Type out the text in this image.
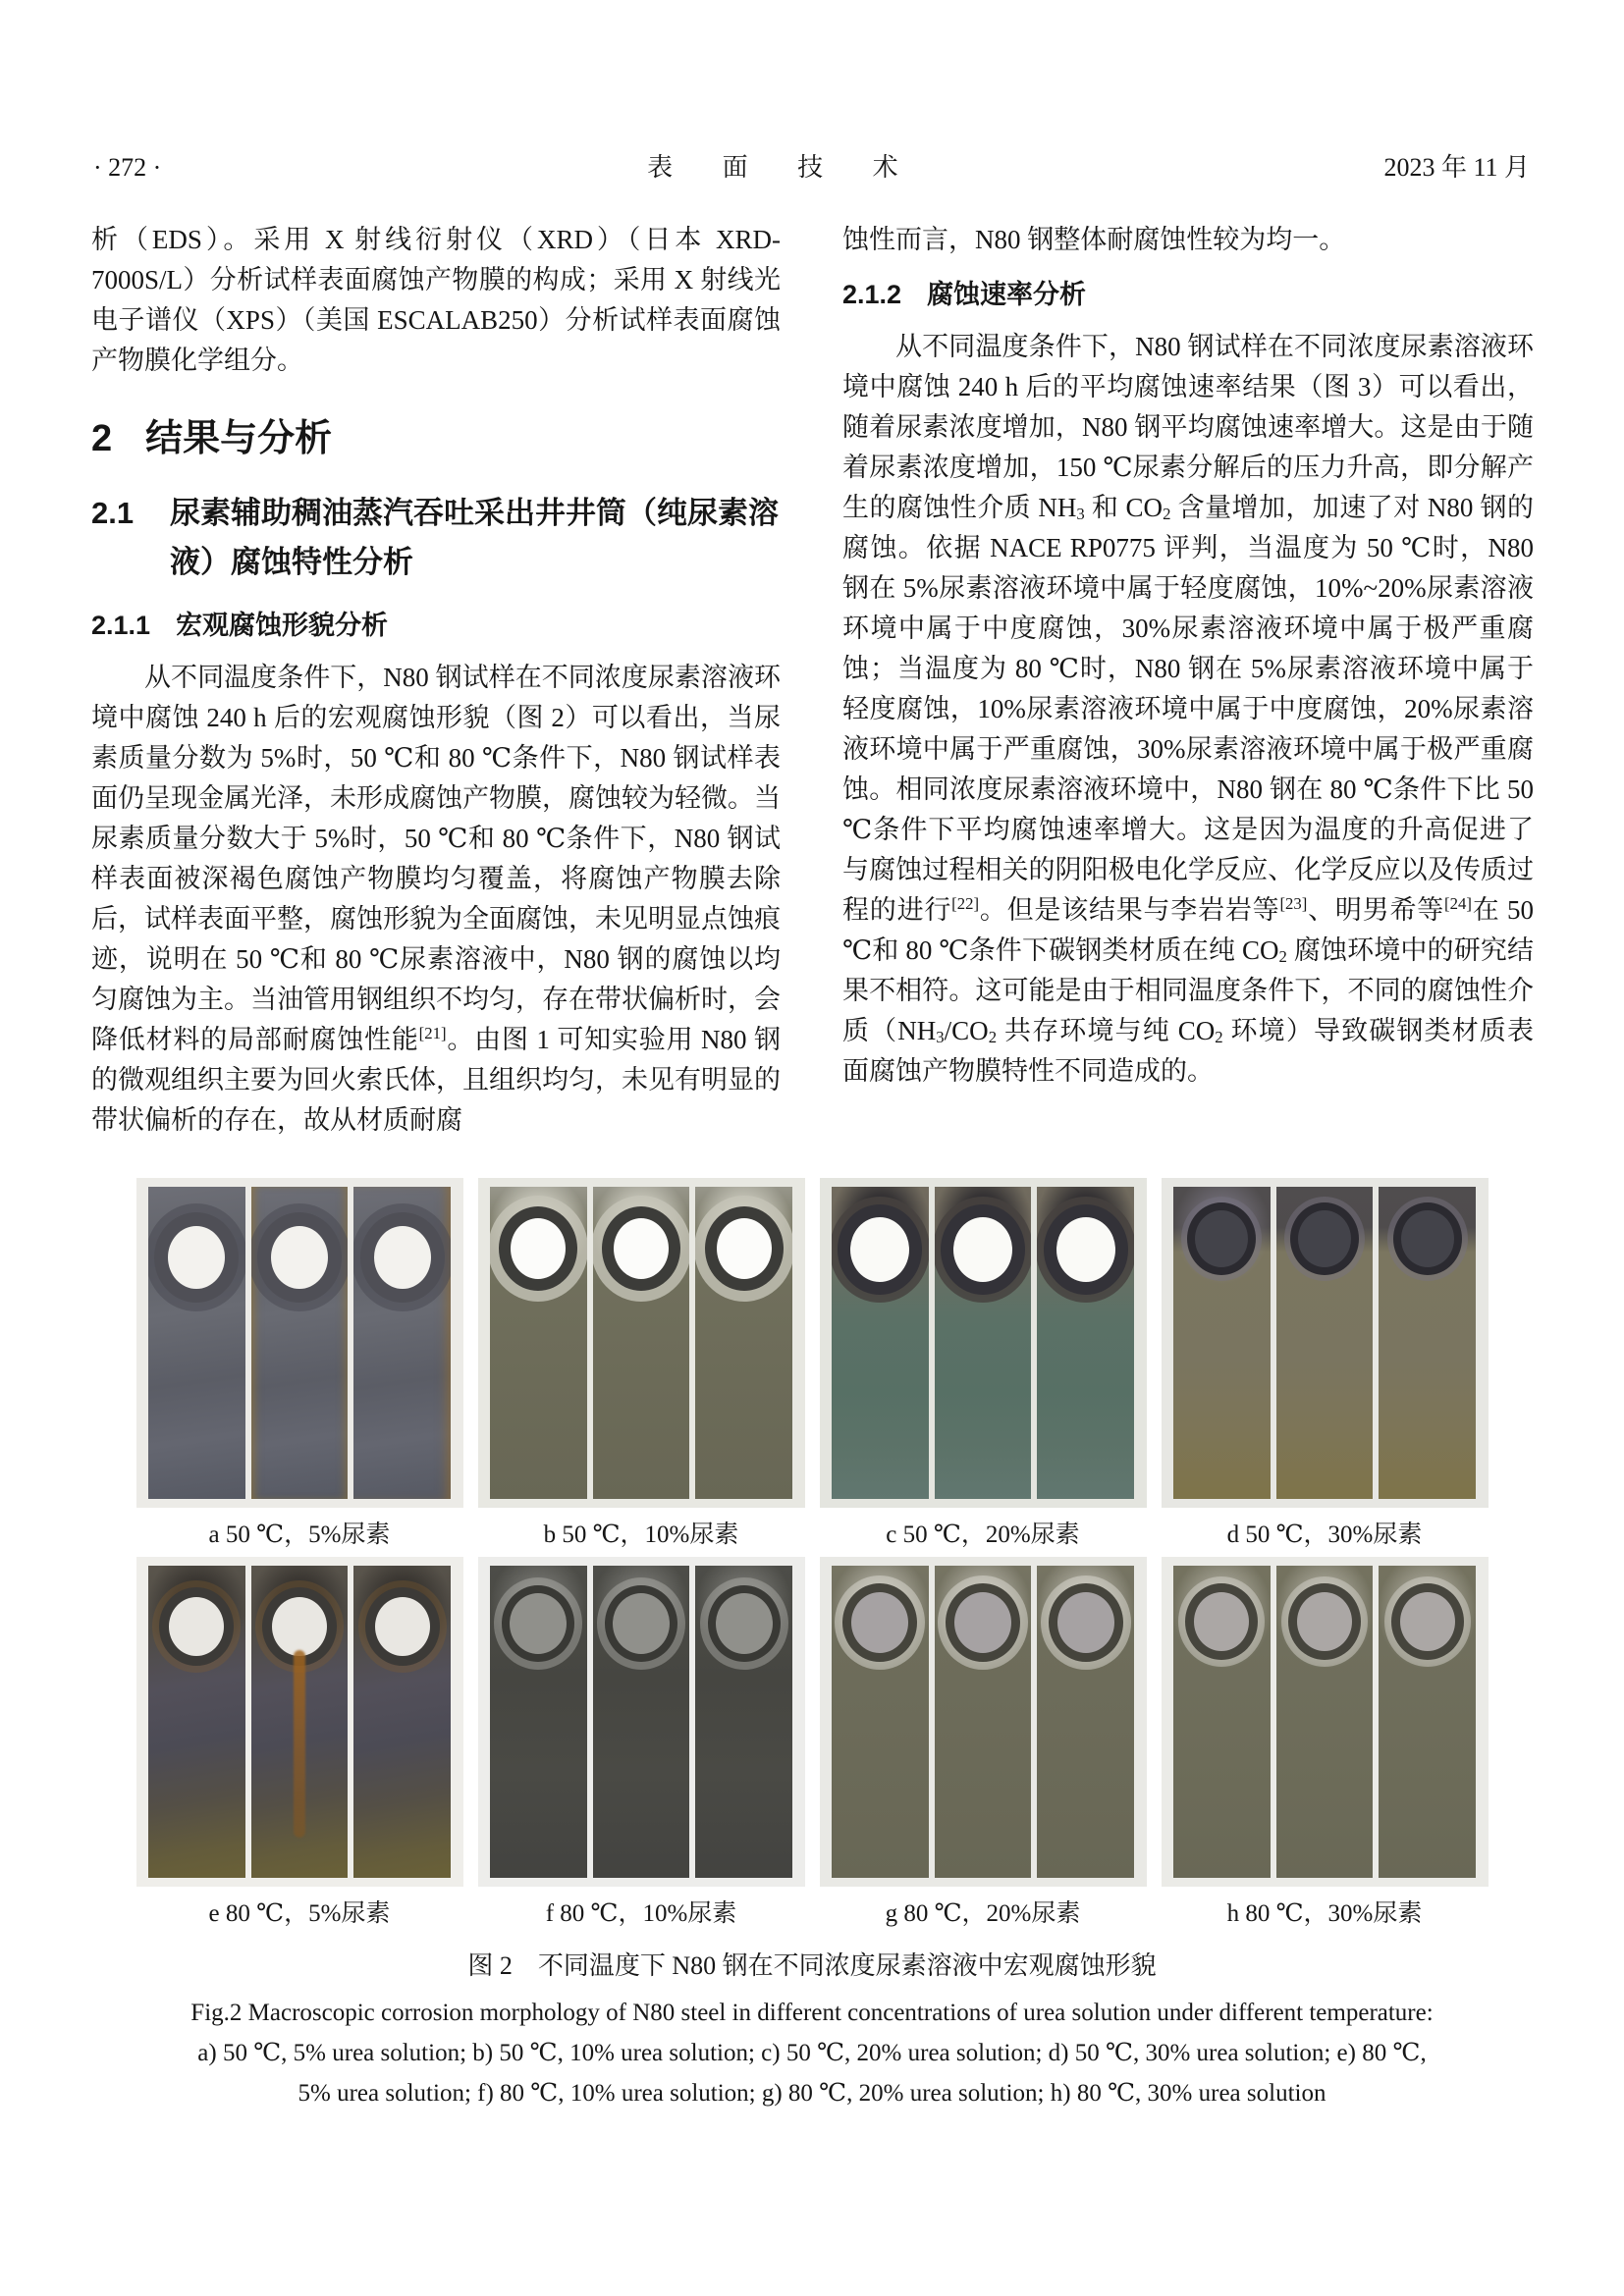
· 272 ·	表 面 技 术	2023 年 11 月

析（EDS）。采用 X 射线衍射仪（XRD）（日本 XRD-7000S/L）分析试样表面腐蚀产物膜的构成；采用 X 射线光电子谱仪（XPS）（美国 ESCALAB250）分析试样表面腐蚀产物膜化学组分。

2 结果与分析
2.1 尿素辅助稠油蒸汽吞吐采出井井筒（纯尿素溶液）腐蚀特性分析
2.1.1 宏观腐蚀形貌分析

从不同温度条件下，N80 钢试样在不同浓度尿素溶液环境中腐蚀 240 h 后的宏观腐蚀形貌（图 2）可以看出，当尿素质量分数为 5%时，50 ℃和 80 ℃条件下，N80 钢试样表面仍呈现金属光泽，未形成腐蚀产物膜，腐蚀较为轻微。当尿素质量分数大于 5%时，50 ℃和 80 ℃条件下，N80 钢试样表面被深褐色腐蚀产物膜均匀覆盖，将腐蚀产物膜去除后，试样表面平整，腐蚀形貌为全面腐蚀，未见明显点蚀痕迹，说明在 50 ℃和 80 ℃尿素溶液中，N80 钢的腐蚀以均匀腐蚀为主。当油管用钢组织不均匀，存在带状偏析时，会降低材料的局部耐腐蚀性能[21]。由图 1 可知实验用 N80 钢的微观组织主要为回火索氏体，且组织均匀，未见有明显的带状偏析的存在，故从材质耐腐

蚀性而言，N80 钢整体耐腐蚀性较为均一。

2.1.2 腐蚀速率分析

从不同温度条件下，N80 钢试样在不同浓度尿素溶液环境中腐蚀 240 h 后的平均腐蚀速率结果（图 3）可以看出，随着尿素浓度增加，N80 钢平均腐蚀速率增大。这是由于随着尿素浓度增加，150 ℃尿素分解后的压力升高，即分解产生的腐蚀性介质 $NH_3$ 和 $CO_2$ 含量增加，加速了对 N80 钢的腐蚀。依据 NACE RP0775 评判，当温度为 50 ℃时，N80 钢在 5%尿素溶液环境中属于轻度腐蚀，10%~20%尿素溶液环境中属于中度腐蚀，30%尿素溶液环境中属于极严重腐蚀；当温度为 80 ℃时，N80 钢在 5%尿素溶液环境中属于轻度腐蚀，10%尿素溶液环境中属于中度腐蚀，20%尿素溶液环境中属于严重腐蚀，30%尿素溶液环境中属于极严重腐蚀。相同浓度尿素溶液环境中，N80 钢在 80 ℃条件下比 50 ℃条件下平均腐蚀速率增大。这是因为温度的升高促进了与腐蚀过程相关的阴阳极电化学反应、化学反应以及传质过程的进行[22]。但是该结果与李岩岩等[23]、明男希等[24]在 50 ℃和 80 ℃条件下碳钢类材质在纯 $CO_2$ 腐蚀环境中的研究结果不相符。这可能是由于相同温度条件下，不同的腐蚀性介质（$NH_3/CO_2$ 共存环境与纯 $CO_2$ 环境）导致碳钢类材质表面腐蚀产物膜特性不同造成的。

a 50 ℃，5%尿素	b 50 ℃，10%尿素	c 50 ℃，20%尿素	d 50 ℃，30%尿素
e 80 ℃，5%尿素	f 80 ℃，10%尿素	g 80 ℃，20%尿素	h 80 ℃，30%尿素
图 2　不同温度下 N80 钢在不同浓度尿素溶液中宏观腐蚀形貌
Fig.2 Macroscopic corrosion morphology of N80 steel in different concentrations of urea solution under different temperature: a) 50 ℃, 5% urea solution; b) 50 ℃, 10% urea solution; c) 50 ℃, 20% urea solution; d) 50 ℃, 30% urea solution; e) 80 ℃, 5% urea solution; f) 80 ℃, 10% urea solution; g) 80 ℃, 20% urea solution; h) 80 ℃, 30% urea solution
